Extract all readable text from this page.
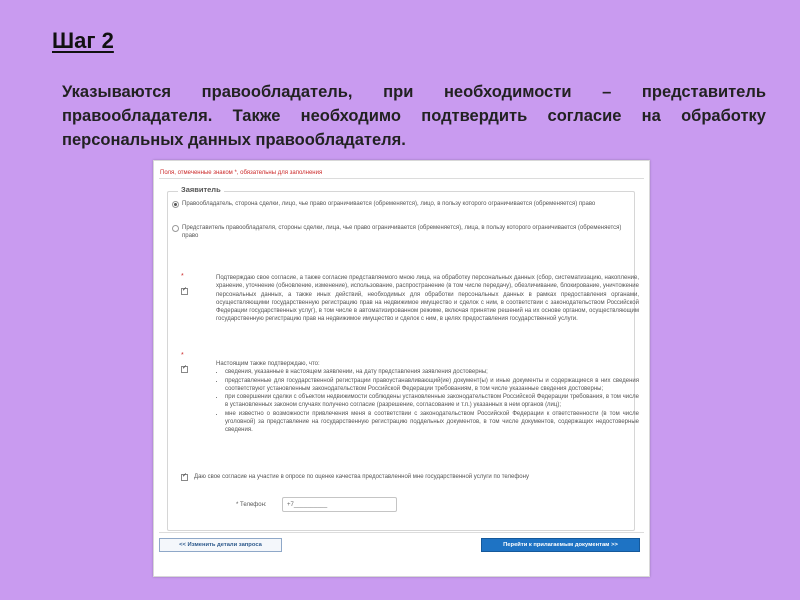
Шаг 2

Указываются правообладатель, при необходимости – представитель правообладателя. Также необходимо подтвердить согласие на обработку персональных данных правообладателя.

Поля, отмеченные знаком *, обязательны для заполнения
Заявитель
Правообладатель, сторона сделки, лицо, чье право ограничивается (обременяется), лицо, в пользу которого ограничивается (обременяется) право
Представитель правообладателя, стороны сделки, лица, чье право ограничивается (обременяется), лица, в пользу которого ограничивается (обременяется) право
*
✓	Подтверждаю свое согласие, а также согласие представляемого мною лица, на обработку персональных данных (сбор, систематизацию, накопление, хранение, уточнение (обновление, изменение), использование, распространение (в том числе передачу), обезличивание, блокирование, уничтожение персональных данных, а также иных действий, необходимых для обработки персональных данных в рамках предоставления органами, осуществляющими государственную регистрацию прав на недвижимое имущество и сделок с ним, в соответствии с законодательством Российской Федерации государственных услуг), в том числе в автоматизированном режиме, включая принятие решений на их основе органом, осуществляющим государственную регистрацию прав на недвижимое имущество и сделок с ним, в целях предоставления государственной услуги.
*
✓
Настоящим также подтверждаю, что:
• сведения, указанные в настоящем заявлении, на дату представления заявления достоверны;
• представленные для государственной регистрации правоустанавливающий(ие) документ(ы) и иные документы и содержащиеся в них сведения соответствуют установленным законодательством Российской Федерации требованиям, в том числе указанные сведения достоверны;
• при совершении сделки с объектом недвижимости соблюдены установленные законодательством Российской Федерации требования, в том числе в установленных законом случаях получено согласие (разрешение, согласование и т.п.) указанных в нем органов (лиц);
• мне известно о возможности привлечения меня в соответствии с законодательством Российской Федерации к ответственности (в том числе уголовной) за представление на государственную регистрацию поддельных документов, в том числе документов, содержащих недостоверные сведения.
✓
Даю свое согласие на участие в опросе по оценке качества предоставленной мне государственной услуги по телефону
* Телефон:	+7__________
<< Изменить детали запроса	Перейти к прилагаемым документам >>
